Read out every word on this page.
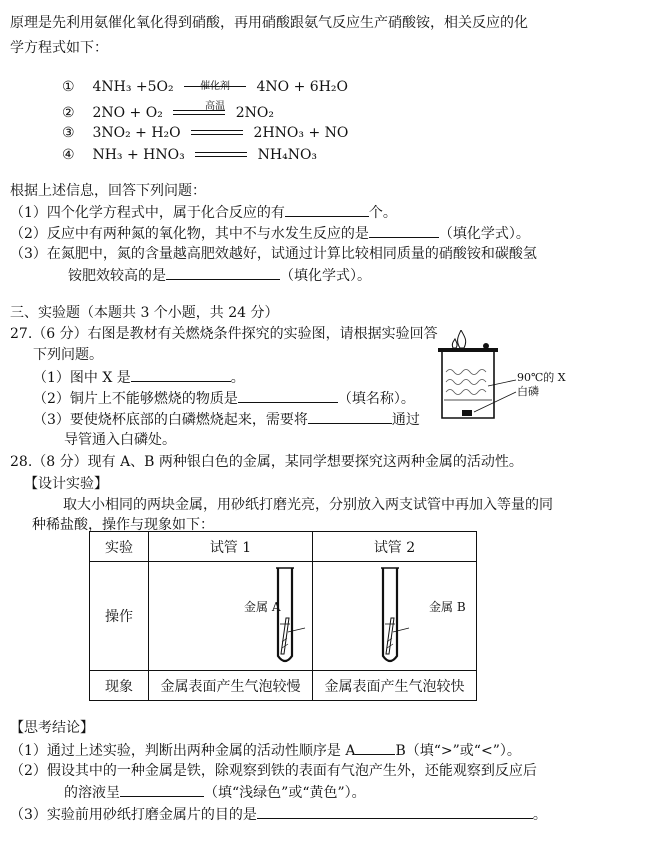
原理是先利用氨催化氧化得到硝酸，再用硝酸跟氨气反应生产硝酸铵，相关反应的化
学方程式如下：
① 4NH₃ +5O₂	催化剂
高温
4NO + 6H₂O
② 2NO + O₂	2NO₂
③ 3NO₂ + H₂O	2HNO₃ + NO
④ NH₃ + HNO₃	NH₄NO₃
根据上述信息，回答下列问题：
（1）四个化学方程式中，属于化合反应的有	个。
（2）反应中有两种氮的氧化物，其中不与水发生反应的是	（填化学式）。
（3）在氮肥中，氮的含量越高肥效越好，试通过计算比较相同质量的硝酸铵和碳酸氢
铵肥效较高的是	（填化学式）。
三、实验题（本题共 3 个小题，共 24 分）
27.（6 分）右图是教材有关燃烧条件探究的实验图，请根据实验回答
下列问题。
（1）图中 X 是	。
（2）铜片上不能够燃烧的物质是	（填名称）。
（3）要使烧杯底部的白磷燃烧起来，需要将	通过
导管通入白磷处。
90℃的 X
白磷
28.（8 分）现有 A、B 两种银白色的金属，某同学想要探究这两种金属的活动性。
【设计实验】
取大小相同的两块金属，用砂纸打磨光亮，分别放入两支试管中再加入等量的同
种稀盐酸，操作与现象如下：
实验	试管 1	试管 2
操作	

现象	金属表面产生气泡较慢	金属表面产生气泡较快
金属 A	金属 B
【思考结论】
（1）通过上述实验，判断出两种金属的活动性顺序是 A	B（填“>”或“<”）。
（2）假设其中的一种金属是铁，除观察到铁的表面有气泡产生外，还能观察到反应后
的溶液呈	（填“浅绿色”或“黄色”）。
（3）实验前用砂纸打磨金属片的目的是	。
